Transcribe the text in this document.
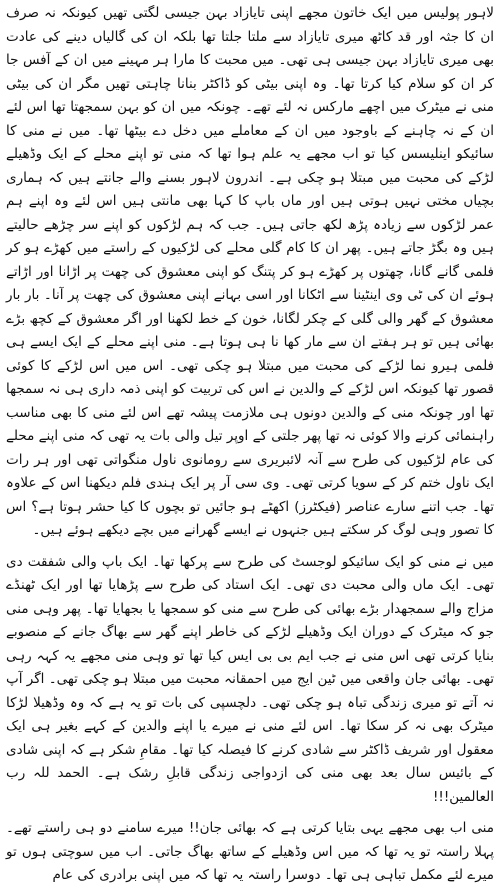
لاہور پولیس میں ایک خاتون مجھے اپنی تایازاد بہن جیسی لگتی تھیں کیونکہ نہ صرف ان کا جثہ اور قد کاٹھ میری تایازاد سے ملتا جلتا تھا بلکہ ان کی گالیاں دینے کی عادت بھی میری تایازاد بہن جیسی ہی تھی۔ میں محبت کا مارا ہر مہینے میں ان کے آفس جا کر ان کو سلام کیا کرتا تھا۔ وہ اپنی بیٹی کو ڈاکٹر بنانا چاہتی تھیں مگر ان کی بیٹی منی نے میٹرک میں اچھے مارکس نہ لئے تھے۔ چونکہ میں ان کو بہن سمجھتا تھا اس لئے ان کے نہ چاہنے کے باوجود میں ان کے معاملے میں دخل دے بیٹھا تھا۔ میں نے منی کا سائیکو اینلیسس کیا تو اب مجھے یہ علم ہوا تھا کہ منی تو اپنے محلے کے ایک وڈھیلے لڑکے کی محبت میں مبتلا ہو چکی ہے۔ اندرون لاہور بسنے والے جانتے ہیں کہ ہماری بچیاں مختی نہیں ہوتی ہیں اور ماں باپ کا کہا بھی مانتی ہیں اس لئے وہ اپنے ہم عمر لڑکوں سے زیادہ پڑھ لکھ جاتی ہیں۔ جب کہ ہم لڑکوں کو اپنے سر چڑھے حالیتے ہیں وہ بگڑ جاتے ہیں۔ پھر ان کا کام گلی محلے کی لڑکیوں کے راستے میں کھڑے ہو کر فلمی گانے گانا، چھتوں پر کھڑے ہو کر پتنگ کو اپنی معشوق کی چھت پر اڑانا اور اڑاتے ہوئے ان کی ٹی وی اینٹینا سے اٹکانا اور اسی بہانے اپنی معشوق کی چھت پر آنا۔ بار بار معشوق کے گھر والی گلی کے چکر لگانا، خون کے خط لکھنا اور اگر معشوق کے کچھ بڑے بھائی ہیں تو ہر ہفتے ان سے مار کھا نا ہی ہوتا ہے۔ منی اپنے محلے کے ایک ایسے ہی فلمی ہیرو نما لڑکے کی محبت میں مبتلا ہو چکی تھی۔ اس میں اس لڑکے کا کوئی قصور تھا کیونکہ اس لڑکے کے والدین نے اس کی تربیت کو اپنی ذمہ داری ہی نہ سمجھا تھا اور چونکہ منی کے والدین دونوں ہی ملازمت پیشہ تھے اس لئے منی کا بھی مناسب راہنمائی کرنے والا کوئی نہ تھا پھر جلتی کے اوپر تیل والی بات یہ تھی کہ منی اپنے محلے کی عام لڑکیوں کی طرح سے آنہ لائبریری سے رومانوی ناول منگواتی تھی اور ہر رات ایک ناول ختم کر کے سویا کرتی تھی۔ وی سی آر پر ایک ہندی فلم دیکھنا اس کے علاوہ تھا۔ جب اتنے سارے عناصر (فیکٹرز) اکھٹے ہو جائیں تو بچوں کا کیا حشر ہوتا ہے؟ اس کا تصور وہی لوگ کر سکتے ہیں جنہوں نے ایسے گھرانے میں بچے دیکھے ہوئے ہیں۔

میں نے منی کو ایک سائیکو لوجسٹ کی طرح سے پرکھا تھا۔ ایک باپ والی شفقت دی تھی۔ ایک ماں والی محبت دی تھی۔ ایک استاد کی طرح سے پڑھایا تھا اور ایک ٹھنڈے مزاج والے سمجھدار بڑے بھائی کی طرح سے منی کو سمجھا یا بجھایا تھا۔ پھر وہی منی جو کہ میٹرک کے دوران ایک وڈھیلے لڑکے کی خاطر اپنے گھر سے بھاگ جانے کے منصوبے بنایا کرتی تھی اس منی نے جب ایم بی بی ایس کیا تھا تو وہی منی مجھے یہ کہہ رہی تھی۔ بھائی جان واقعی میں ٹین ایج میں احمقانہ محبت میں مبتلا ہو چکی تھی۔ اگر آپ نہ آتے تو میری زندگی تباہ ہو چکی تھی۔ دلچسپی کی بات تو یہ ہے کہ وہ وڈھیلا لڑکا میٹرک بھی نہ کر سکا تھا۔ اس لئے منی نے میرے یا اپنے والدین کے کہے بغیر ہی ایک معقول اور شریف ڈاکٹر سے شادی کرنے کا فیصلہ کیا تھا۔ مقامِ شکر ہے کہ اپنی شادی کے بائیس سال بعد بھی منی کی ازدواجی زندگی قابلِ رشک ہے۔ الحمد للہ رب العالمین!!!

منی اب بھی مجھے یہی بتایا کرتی ہے کہ بھائی جان!! میرے سامنے دو ہی راستے تھے۔ پہلا راستہ تو یہ تھا کہ میں اس وڈھیلے کے ساتھ بھاگ جاتی۔ اب میں سوچتی ہوں تو میرے لئے مکمل تباہی ہی تھا۔ دوسرا راستہ یہ تھا کہ میں اپنی برادری کی عام
